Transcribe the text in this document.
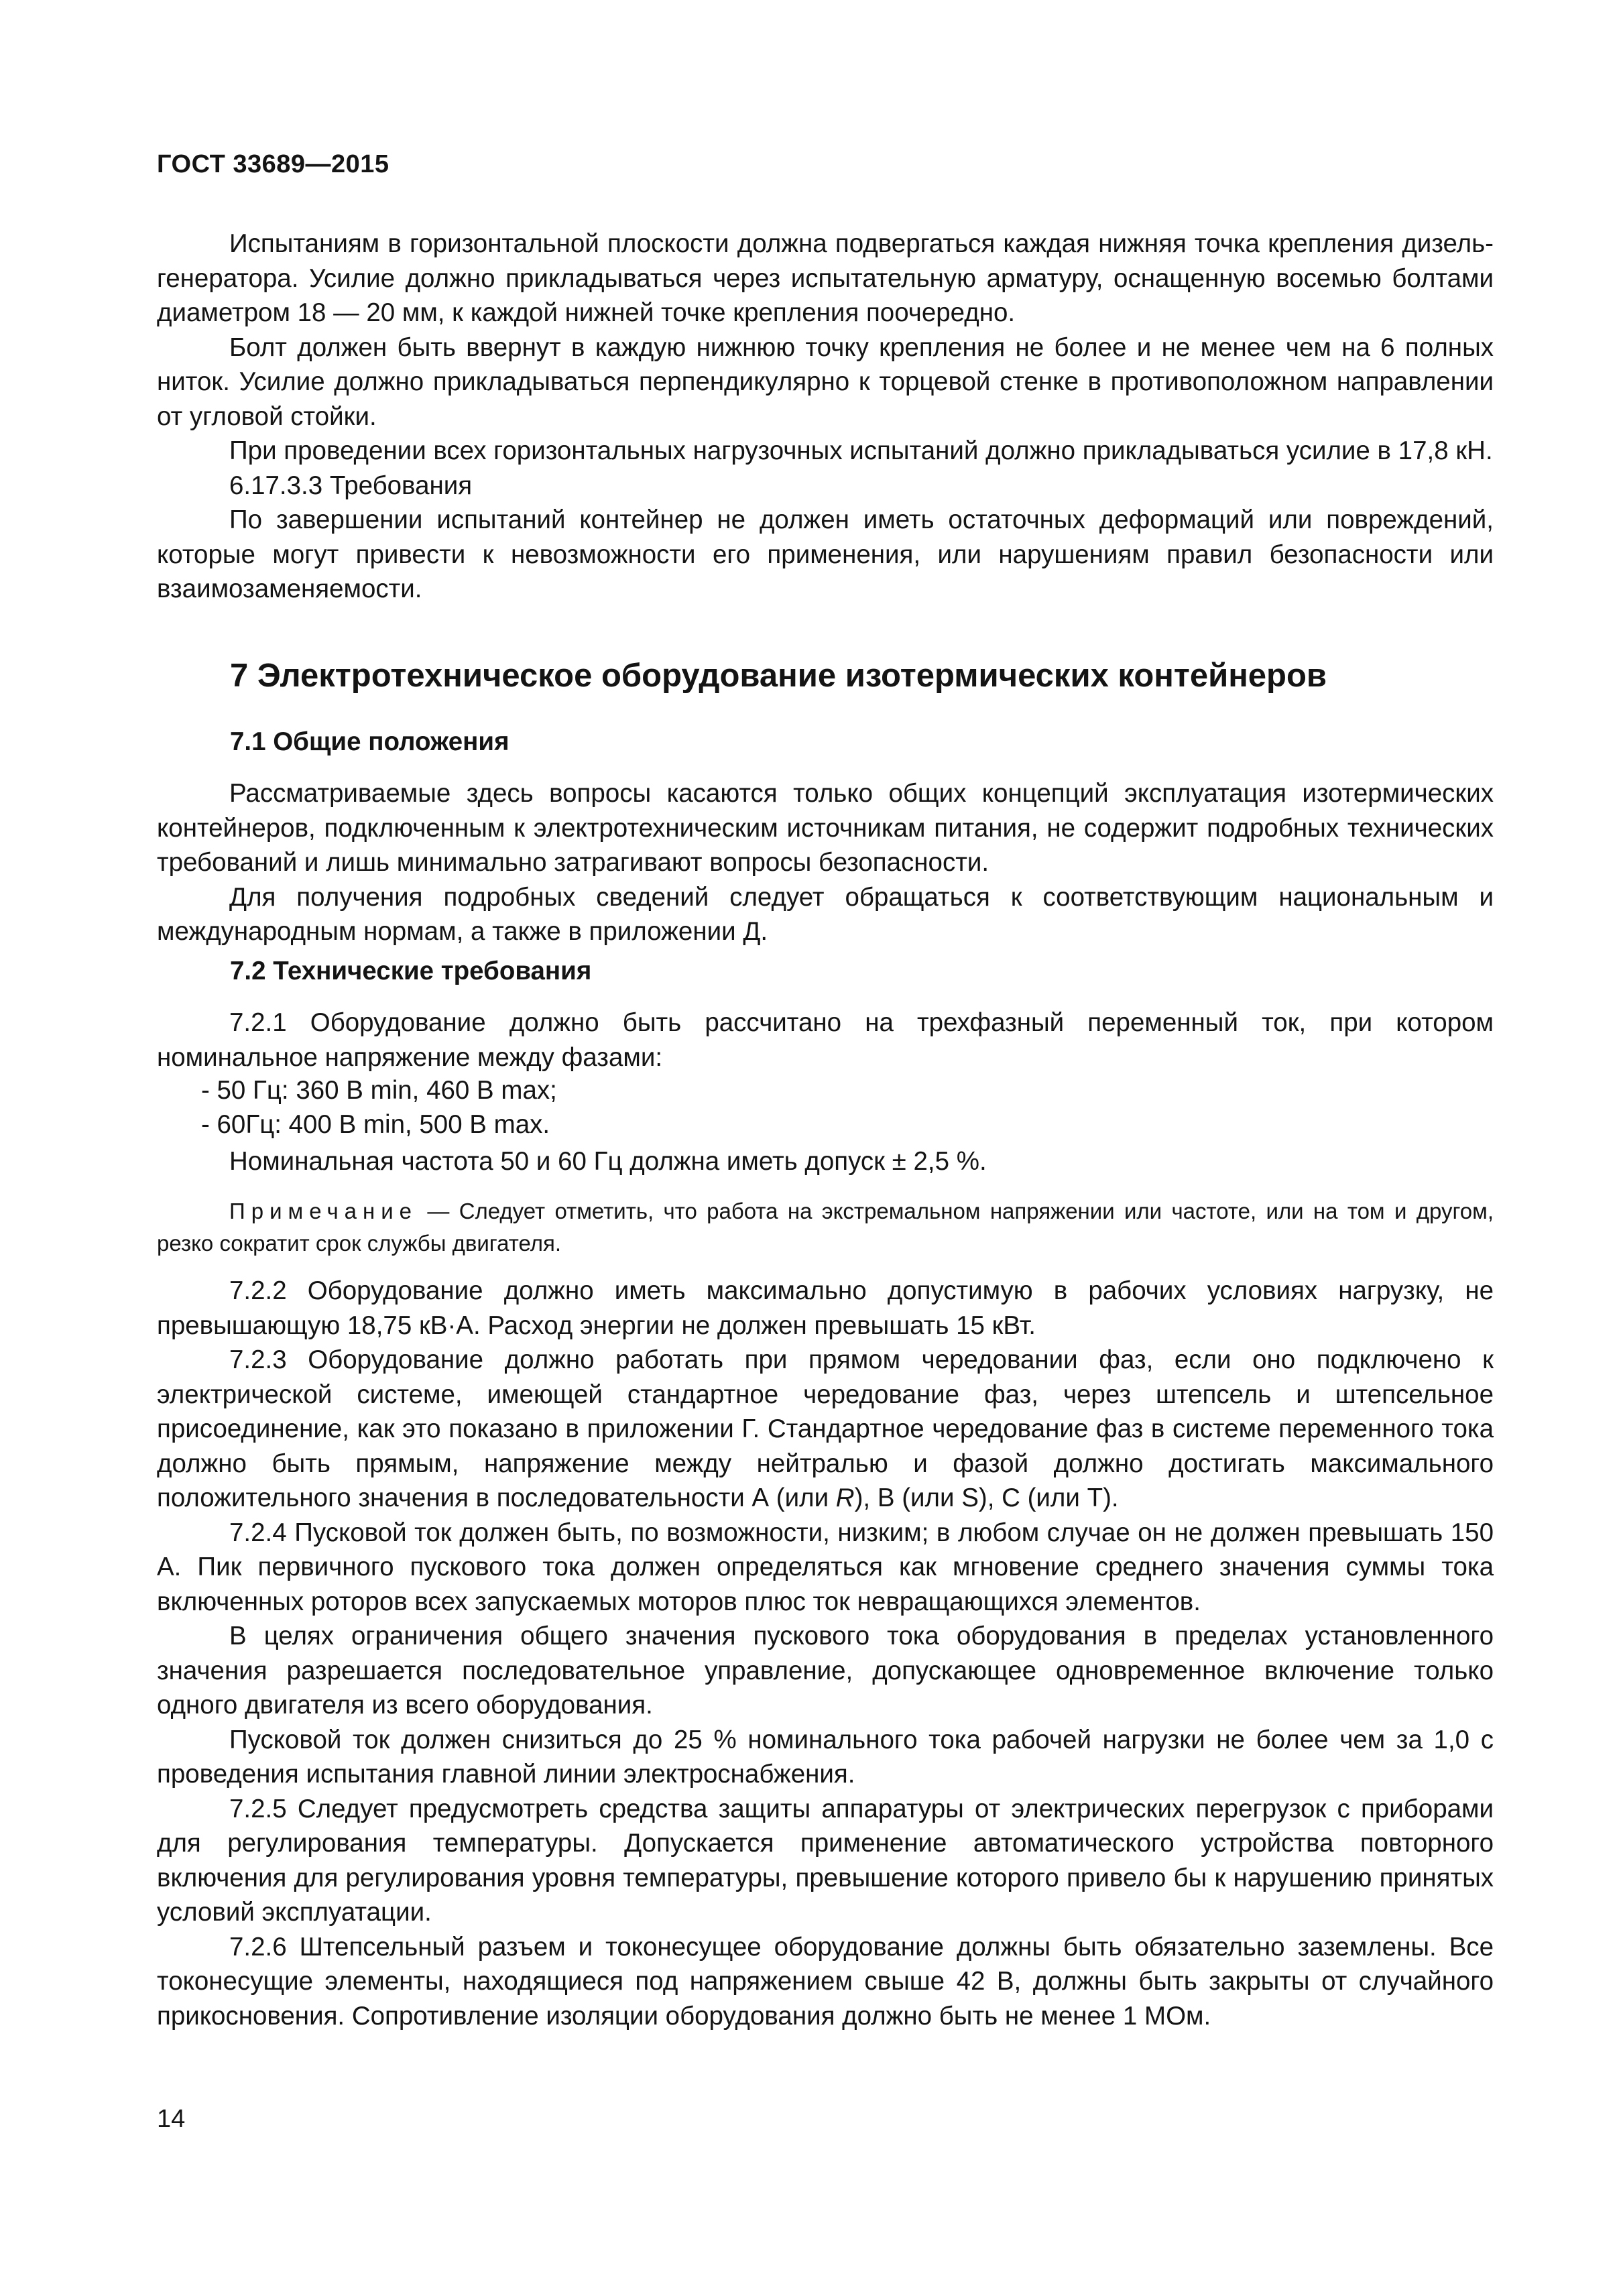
ГОСТ 33689—2015

Испытаниям в горизонтальной плоскости должна подвергаться каждая нижняя точка крепления дизель-генератора. Усилие должно прикладываться через испытательную арматуру, оснащенную восемью болтами диаметром 18 — 20 мм, к каждой нижней точке крепления поочередно.

Болт должен быть ввернут в каждую нижнюю точку крепления не более и не менее чем на 6 полных ниток. Усилие должно прикладываться перпендикулярно к торцевой стенке в противоположном направлении от угловой стойки.

При проведении всех горизонтальных нагрузочных испытаний должно прикладываться усилие в 17,8 кН.

6.17.3.3 Требования

По завершении испытаний контейнер не должен иметь остаточных деформаций или повреждений, которые могут привести к невозможности его применения, или нарушениям правил безопасности или взаимозаменяемости.

7 Электротехническое оборудование изотермических контейнеров
7.1 Общие положения

Рассматриваемые здесь вопросы касаются только общих концепций эксплуатация изотермических контейнеров, подключенным к электротехническим источникам питания, не содержит подробных технических требований и лишь минимально затрагивают вопросы безопасности.

Для получения подробных сведений следует обращаться к соответствующим национальным и международным нормам, а также в приложении Д.

7.2 Технические требования

7.2.1 Оборудование должно быть рассчитано на трехфазный переменный ток, при котором номинальное напряжение между фазами:

- 50 Гц: 360 В min, 460 В max;
- 60Гц: 400 В min, 500 В max.

Номинальная частота 50 и 60 Гц должна иметь допуск ± 2,5 %.

Примечание — Следует отметить, что работа на экстремальном напряжении или частоте, или на том и другом, резко сократит срок службы двигателя.

7.2.2 Оборудование должно иметь максимально допустимую в рабочих условиях нагрузку, не превышающую 18,75 кВ·А. Расход энергии не должен превышать 15 кВт.

7.2.3 Оборудование должно работать при прямом чередовании фаз, если оно подключено к электрической системе, имеющей стандартное чередование фаз, через штепсель и штепсельное присоединение, как это показано в приложении Г. Стандартное чередование фаз в системе переменного тока должно быть прямым, напряжение между нейтралью и фазой должно достигать максимального положительного значения в последовательности А (или R), В (или S), С (или Т).

7.2.4 Пусковой ток должен быть, по возможности, низким; в любом случае он не должен превышать 150 А. Пик первичного пускового тока должен определяться как мгновение среднего значения суммы тока включенных роторов всех запускаемых моторов плюс ток невращающихся элементов.

В целях ограничения общего значения пускового тока оборудования в пределах установленного значения разрешается последовательное управление, допускающее одновременное включение только одного двигателя из всего оборудования.

Пусковой ток должен снизиться до 25 % номинального тока рабочей нагрузки не более чем за 1,0 с проведения испытания главной линии электроснабжения.

7.2.5 Следует предусмотреть средства защиты аппаратуры от электрических перегрузок с приборами для регулирования температуры. Допускается применение автоматического устройства повторного включения для регулирования уровня температуры, превышение которого привело бы к нарушению принятых условий эксплуатации.

7.2.6 Штепсельный разъем и токонесущее оборудование должны быть обязательно заземлены. Все токонесущие элементы, находящиеся под напряжением свыше 42 В, должны быть закрыты от случайного прикосновения. Сопротивление изоляции оборудования должно быть не менее 1 МОм.

14
